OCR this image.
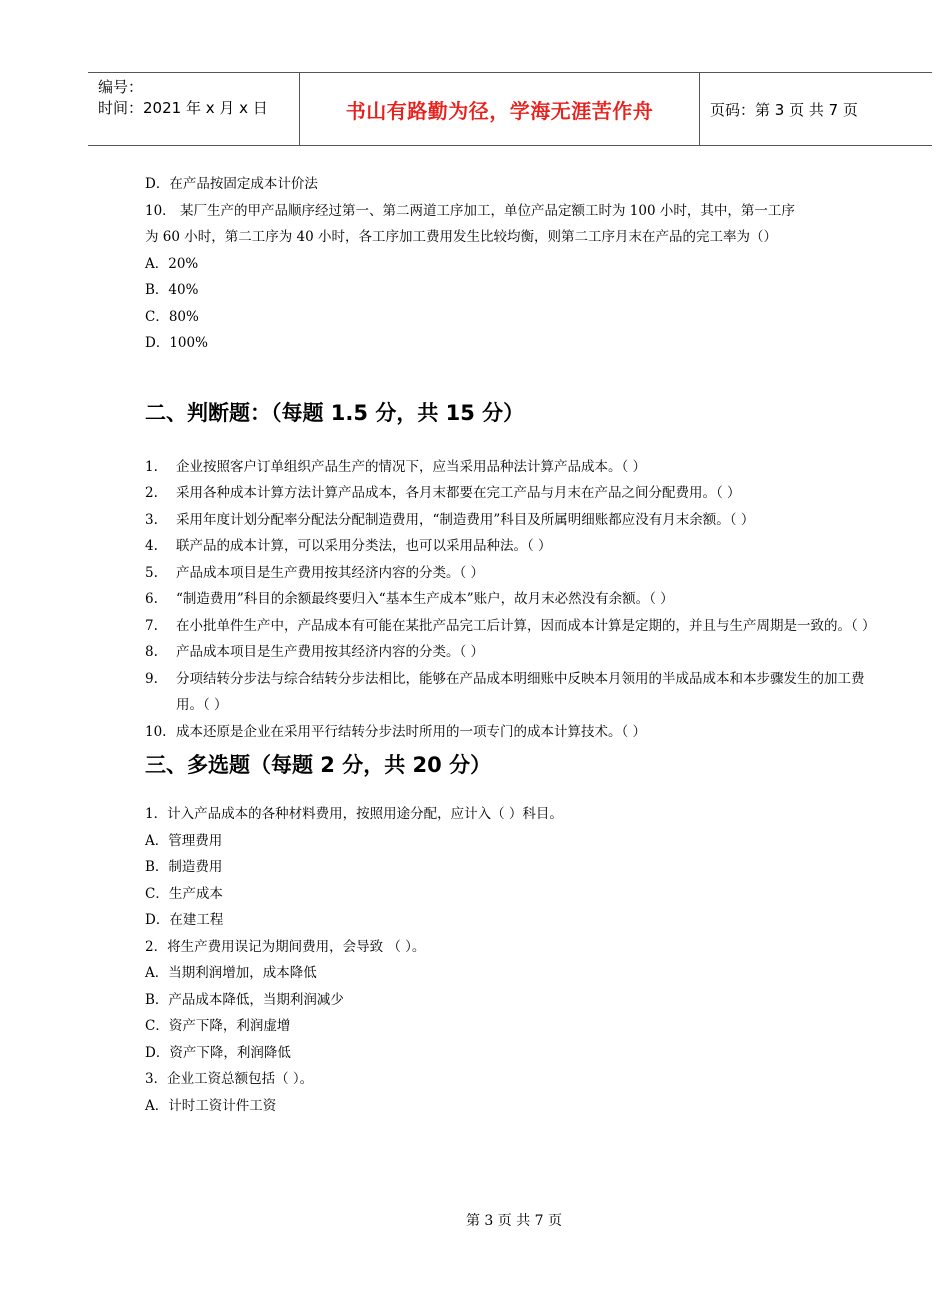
编号：
时间：2021 年 x 月 x 日	书山有路勤为径，学海无涯苦作舟	页码：第 3 页 共 7 页
D．在产品按固定成本计价法
10． 某厂生产的甲产品顺序经过第一、第二两道工序加工，单位产品定额工时为 100 小时，其中，第一工序
为 60 小时，第二工序为 40 小时，各工序加工费用发生比较均衡，则第二工序月末在产品的完工率为（）
A．20%
B．40%
C．80%
D．100%
二、判断题：（每题 1.5 分，共 15 分）
1.	企业按照客户订单组织产品生产的情况下，应当采用品种法计算产品成本。（ ）
2.	采用各种成本计算方法计算产品成本，各月末都要在完工产品与月末在产品之间分配费用。（ ）
3.	采用年度计划分配率分配法分配制造费用，“制造费用”科目及所属明细账都应没有月末余额。（ ）
4.	联产品的成本计算，可以采用分类法，也可以采用品种法。（ ）
5.	产品成本项目是生产费用按其经济内容的分类。（ ）
6.	“制造费用”科目的余额最终要归入“基本生产成本”账户，故月末必然没有余额。（ ）
7.	在小批单件生产中，产品成本有可能在某批产品完工后计算，因而成本计算是定期的，并且与生产周期是一致的。（ ）
8.	产品成本项目是生产费用按其经济内容的分类。（ ）
9.	分项结转分步法与综合结转分步法相比，能够在产品成本明细账中反映本月领用的半成品成本和本步骤发生的加工费用。（ ）
10. 成本还原是企业在采用平行结转分步法时所用的一项专门的成本计算技术。（ ）
三、多选题（每题 2 分，共 20 分）
1．计入产品成本的各种材料费用，按照用途分配，应计入（ ）科目。
A．管理费用
B．制造费用
C．生产成本
D．在建工程
2．将生产费用误记为期间费用，会导致 （ ）。
A．当期利润增加，成本降低
B．产品成本降低，当期利润减少
C．资产下降，利润虚增
D．资产下降，利润降低
3．企业工资总额包括（ ）。
A．计时工资计件工资
第 3 页 共 7 页
